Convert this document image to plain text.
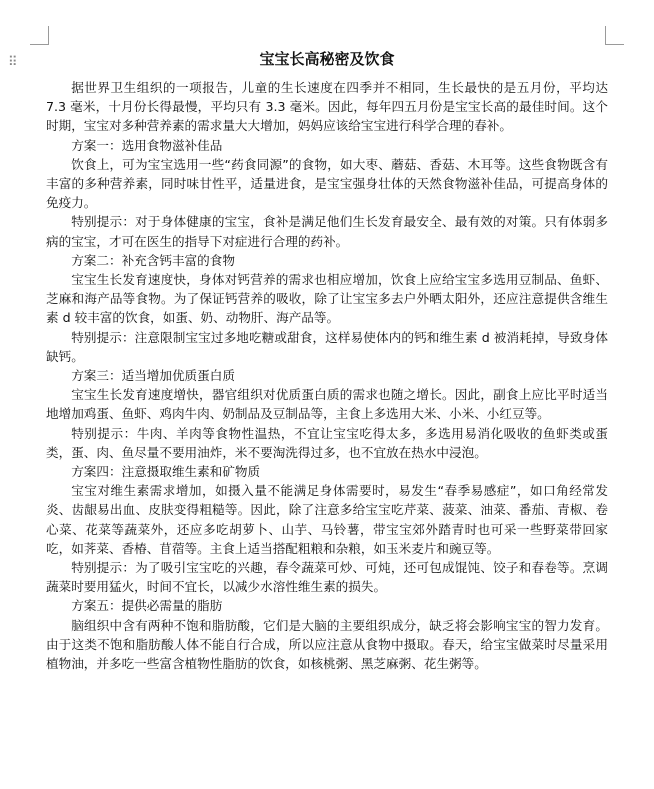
⠿	宝宝长高秘密及饮食

据世界卫生组织的一项报告，儿童的生长速度在四季并不相同，生长最快的是五月份，平均达 7.3 毫米，十月份长得最慢，平均只有 3.3 毫米。因此，每年四五月份是宝宝长高的最佳时间。这个时期，宝宝对多种营养素的需求量大大增加，妈妈应该给宝宝进行科学合理的春补。

方案一：选用食物滋补佳品

饮食上，可为宝宝选用一些“药食同源”的食物，如大枣、蘑菇、香菇、木耳等。这些食物既含有丰富的多种营养素，同时味甘性平，适量进食，是宝宝强身壮体的天然食物滋补佳品，可提高身体的免疫力。

特别提示：对于身体健康的宝宝，食补是满足他们生长发育最安全、最有效的对策。只有体弱多病的宝宝，才可在医生的指导下对症进行合理的药补。

方案二：补充含钙丰富的食物

宝宝生长发育速度快，身体对钙营养的需求也相应增加，饮食上应给宝宝多选用豆制品、鱼虾、芝麻和海产品等食物。为了保证钙营养的吸收，除了让宝宝多去户外晒太阳外，还应注意提供含维生素 d 较丰富的饮食，如蛋、奶、动物肝、海产品等。

特别提示：注意限制宝宝过多地吃糖或甜食，这样易使体内的钙和维生素 d 被消耗掉，导致身体缺钙。

方案三：适当增加优质蛋白质

宝宝生长发育速度增快，器官组织对优质蛋白质的需求也随之增长。因此，副食上应比平时适当地增加鸡蛋、鱼虾、鸡肉牛肉、奶制品及豆制品等，主食上多选用大米、小米、小红豆等。

特别提示：牛肉、羊肉等食物性温热，不宜让宝宝吃得太多，多选用易消化吸收的鱼虾类或蛋类，蛋、肉、鱼尽量不要用油炸，米不要淘洗得过多，也不宜放在热水中浸泡。

方案四：注意摄取维生素和矿物质

宝宝对维生素需求增加，如摄入量不能满足身体需要时，易发生“春季易感症”，如口角经常发炎、齿龈易出血、皮肤变得粗糙等。因此，除了注意多给宝宝吃芹菜、菠菜、油菜、番茄、青椒、卷心菜、花菜等蔬菜外，还应多吃胡萝卜、山芋、马铃薯，带宝宝郊外踏青时也可采一些野菜带回家吃，如荠菜、香椿、苜蓿等。主食上适当搭配粗粮和杂粮，如玉米麦片和豌豆等。

特别提示：为了吸引宝宝吃的兴趣，春令蔬菜可炒、可炖，还可包成馄饨、饺子和春卷等。烹调蔬菜时要用猛火，时间不宜长，以减少水溶性维生素的损失。

方案五：提供必需量的脂肪

脑组织中含有两种不饱和脂肪酸，它们是大脑的主要组织成分，缺乏将会影响宝宝的智力发育。由于这类不饱和脂肪酸人体不能自行合成，所以应注意从食物中摄取。春天，给宝宝做菜时尽量采用植物油，并多吃一些富含植物性脂肪的饮食，如核桃粥、黑芝麻粥、花生粥等。
